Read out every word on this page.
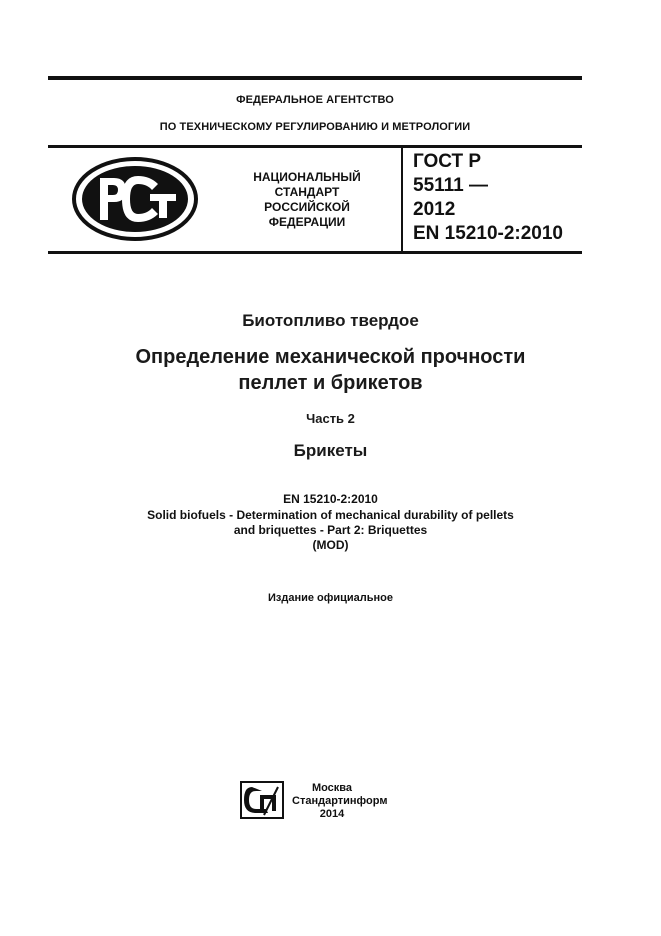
ФЕДЕРАЛЬНОЕ АГЕНТСТВО
ПО ТЕХНИЧЕСКОМУ РЕГУЛИРОВАНИЮ И МЕТРОЛОГИИ
НАЦИОНАЛЬНЫЙ
СТАНДАРТ
РОССИЙСКОЙ
ФЕДЕРАЦИИ
ГОСТ Р
55111 —
2012
EN 15210-2:2010
Биотопливо твердое
Определение механической прочности
пеллет и брикетов
Часть 2
Брикеты
EN 15210-2:2010
Solid biofuels - Determination of mechanical durability of pellets
and briquettes - Part 2: Briquettes
(MOD)
Издание официальное
Москва
Стандартинформ
2014
